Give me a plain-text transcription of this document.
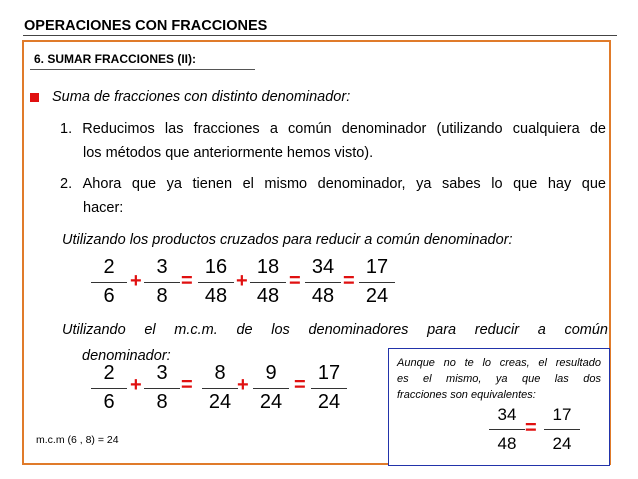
OPERACIONES CON FRACCIONES
6. SUMAR FRACCIONES (II):
Suma de fracciones con distinto denominador:
1. Reducimos las fracciones a común denominador (utilizando cualquiera de
los métodos que anteriormente hemos visto).
2. Ahora que ya tienen el mismo denominador, ya sabes lo que hay que
hacer:
Utilizando los productos cruzados para reducir a común denominador:
2
6
+
3
8
=
16
48
+
18
48
=
34
48
=
17
24
Utilizando el m.c.m. de los denominadores para reducir a común
denominador:
2
6
+
3
8
=
8
24
+
9
24
=
17
24
Aunque no te lo creas, el resultado
es el mismo, ya que las dos
fracciones son equivalentes:
34
48
=
17
24
m.c.m (6 , 8) = 24
